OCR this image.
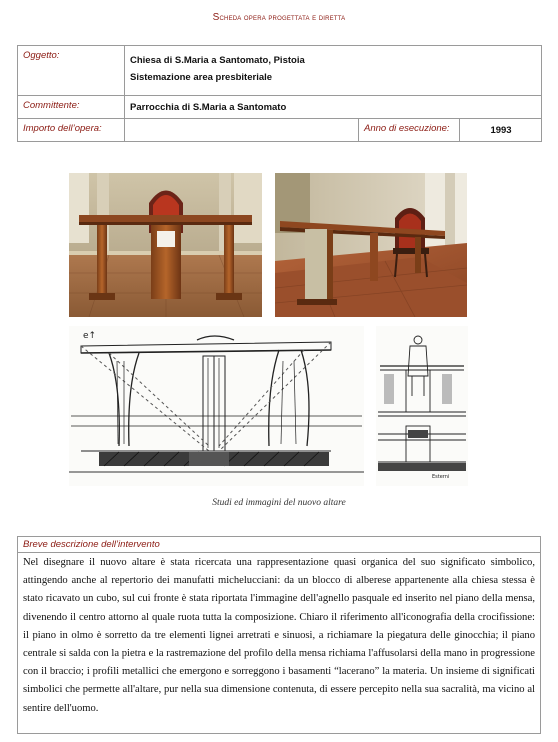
Scheda opera progettata e diretta
Oggetto:	Chiesa di S.Maria a Santomato, Pistoia
Sistemazione area presbiteriale		

Committente:	Parrocchia di S.Maria a Santomato		
Importo dell’opera:		Anno di esecuzione:	1993
e↑
Esterni
Studi ed immagini del nuovo altare
Breve descrizione dell’intervento
Nel disegnare il nuovo altare è stata ricercata una rappresentazione quasi organica del suo significato simbolico, attingendo anche al repertorio dei manufatti michelucciani: da un blocco di alberese appartenente alla chiesa stessa è stato ricavato un cubo, sul cui fronte è stata riportata l'immagine dell'agnello pasquale ed inserito nel piano della mensa, divenendo il centro attorno al quale ruota tutta la composizione. Chiaro il riferimento all'iconografia della crocifissione: il piano in olmo è sorretto da tre elementi lignei arretrati e sinuosi, a richiamare la piegatura delle ginocchia; il piano centrale si salda con la pietra e la rastremazione del profilo della mensa richiama l'affusolarsi della mano in progressione con il braccio; i profili metallici che emergono e sorreggono i basamenti “lacerano” la materia. Un insieme di significati simbolici che permette all'altare, pur nella sua dimensione contenuta, di essere percepito nella sua sacralità, ma vicino al sentire dell'uomo.
